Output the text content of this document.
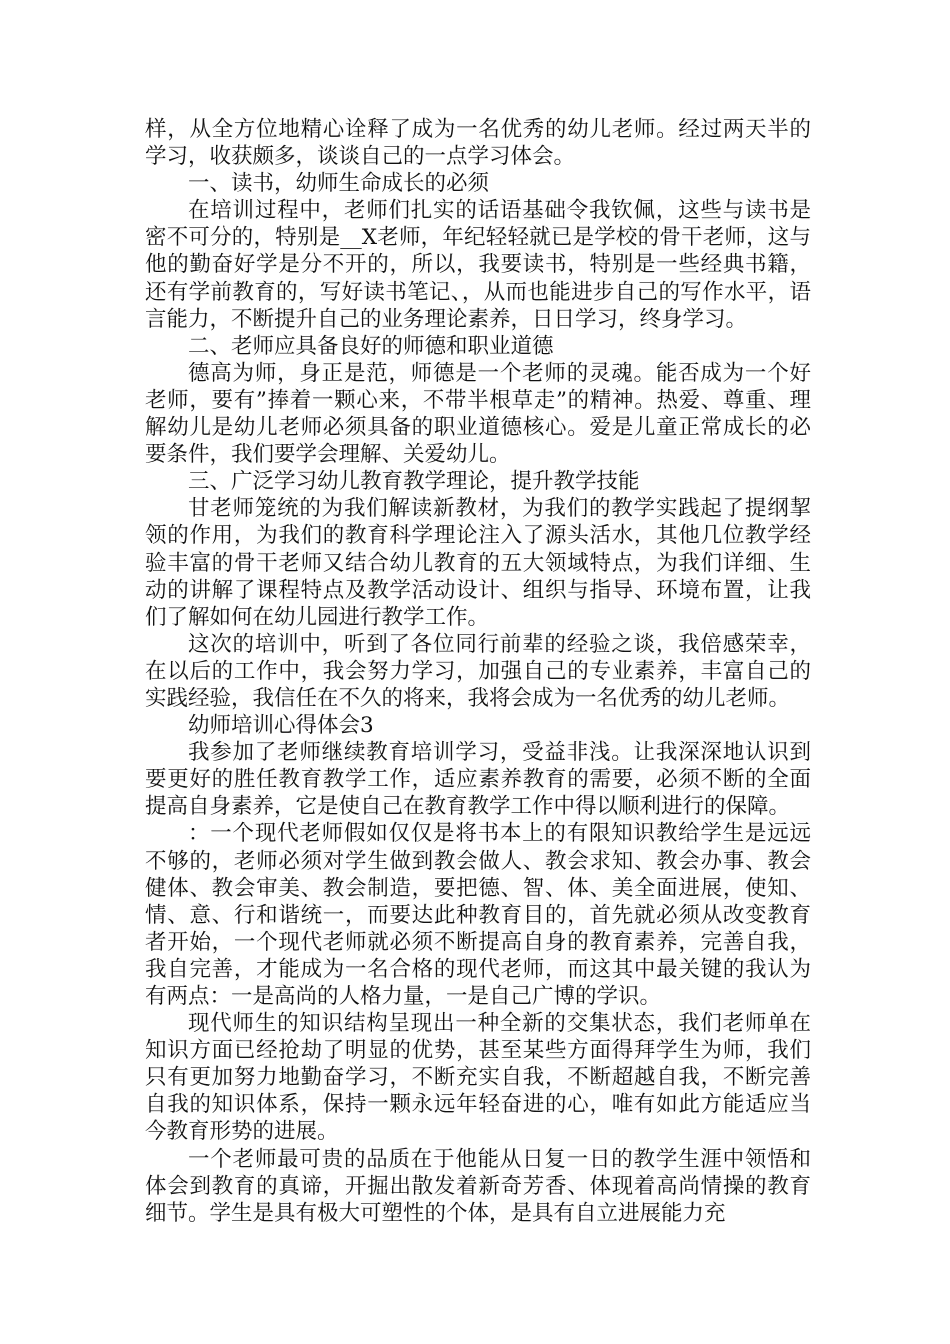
样，从全方位地精心诠释了成为一名优秀的幼儿老师。经过两天半的学习，收获颇多，谈谈自己的一点学习体会。

一、读书，幼师生命成长的必须

在培训过程中，老师们扎实的话语基础令我钦佩，这些与读书是密不可分的，特别是__X老师，年纪轻轻就已是学校的骨干老师，这与他的勤奋好学是分不开的，所以，我要读书，特别是一些经典书籍，还有学前教育的，写好读书笔记、，从而也能进步自己的写作水平，语言能力，不断提升自己的业务理论素养，日日学习，终身学习。

二、老师应具备良好的师德和职业道德

德高为师，身正是范，师德是一个老师的灵魂。能否成为一个好老师，要有”捧着一颗心来，不带半根草走”的精神。热爱、尊重、理解幼儿是幼儿老师必须具备的职业道德核心。爱是儿童正常成长的必要条件，我们要学会理解、关爱幼儿。

三、广泛学习幼儿教育教学理论，提升教学技能

甘老师笼统的为我们解读新教材，为我们的教学实践起了提纲挈领的作用，为我们的教育科学理论注入了源头活水，其他几位教学经验丰富的骨干老师又结合幼儿教育的五大领域特点，为我们详细、生动的讲解了课程特点及教学活动设计、组织与指导、环境布置，让我们了解如何在幼儿园进行教学工作。

这次的培训中，听到了各位同行前辈的经验之谈，我倍感荣幸，在以后的工作中，我会努力学习，加强自己的专业素养，丰富自己的实践经验，我信任在不久的将来，我将会成为一名优秀的幼儿老师。

幼师培训心得体会3

我参加了老师继续教育培训学习，受益非浅。让我深深地认识到要更好的胜任教育教学工作，适应素养教育的需要，必须不断的全面提高自身素养，它是使自己在教育教学工作中得以顺利进行的保障。

：一个现代老师假如仅仅是将书本上的有限知识教给学生是远远不够的，老师必须对学生做到教会做人、教会求知、教会办事、教会健体、教会审美、教会制造，要把德、智、体、美全面进展，使知、情、意、行和谐统一，而要达此种教育目的，首先就必须从改变教育者开始，一个现代老师就必须不断提高自身的教育素养，完善自我，我自完善，才能成为一名合格的现代老师，而这其中最关键的我认为有两点：一是高尚的人格力量，一是自己广博的学识。

现代师生的知识结构呈现出一种全新的交集状态，我们老师单在知识方面已经抢劫了明显的优势，甚至某些方面得拜学生为师，我们只有更加努力地勤奋学习，不断充实自我，不断超越自我，不断完善自我的知识体系，保持一颗永远年轻奋进的心，唯有如此方能适应当今教育形势的进展。

一个老师最可贵的品质在于他能从日复一日的教学生涯中领悟和体会到教育的真谛，开掘出散发着新奇芳香、体现着高尚情操的教育细节。学生是具有极大可塑性的个体，是具有自立进展能力充
